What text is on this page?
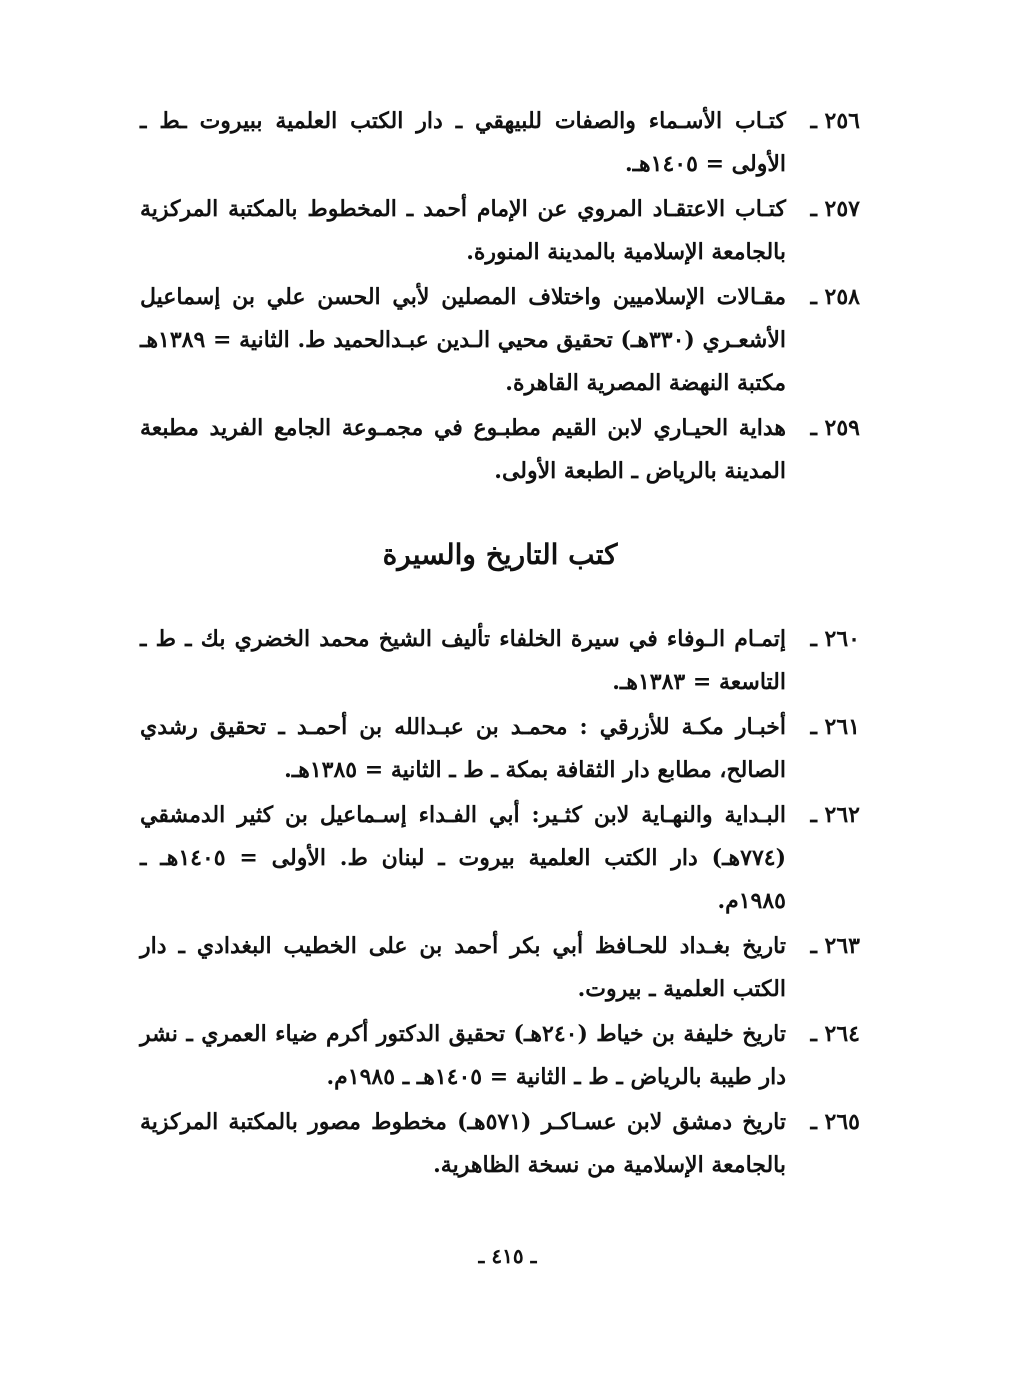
٢٥٦ ـ
كتـاب الأسـماء والصفات للبيهقي ـ دار الكتب العلمية ببيروت ـط ـ الأولى = ١٤٠٥هـ.
٢٥٧ ـ
كتـاب الاعتقـاد المروي عن الإمام أحمد ـ المخطوط بالمكتبة المركزية بالجامعة الإسلامية بالمدينة المنورة.
٢٥٨ ـ
مقـالات الإسلاميين واختلاف المصلين لأبي الحسن علي بن إسماعيل الأشعـري (٣٣٠هـ) تحقيق محيي الـدين عبـدالحميد ط. الثانية = ١٣٨٩هـ مكتبة النهضة المصرية القاهرة.
٢٥٩ ـ
هداية الحيـاري لابن القيم مطبـوع في مجمـوعة الجامع الفريد مطبعة المدينة بالرياض ـ الطبعة الأولى.
كتب التاريخ والسيرة
٢٦٠ ـ
إتمـام الـوفاء في سيرة الخلفاء تأليف الشيخ محمد الخضري بك ـ ط ـ التاسعة = ١٣٨٣هـ.
٢٦١ ـ
أخبـار مكـة للأزرقي : محمـد بن عبـدالله بن أحمـد ـ تحقيق رشدي الصالح، مطابع دار الثقافة بمكة ـ ط ـ الثانية = ١٣٨٥هـ.
٢٦٢ ـ
البـداية والنهـاية لابن كثـير: أبي الفـداء إسـماعيل بن كثير الدمشقي (٧٧٤هـ) دار الكتب العلمية بيروت ـ لبنان ط. الأولى = ١٤٠٥هـ ـ ١٩٨٥م.
٢٦٣ ـ
تاريخ بغـداد للحـافظ أبي بكر أحمد بن على الخطيب البغدادي ـ دار الكتب العلمية ـ بيروت.
٢٦٤ ـ
تاريخ خليفة بن خياط (٢٤٠هـ) تحقيق الدكتور أكرم ضياء العمري ـ نشر دار طيبة بالرياض ـ ط ـ الثانية = ١٤٠٥هـ ـ ١٩٨٥م.
٢٦٥ ـ
تاريخ دمشق لابن عسـاكـر (٥٧١هـ) مخطوط مصور بالمكتبة المركزية بالجامعة الإسلامية من نسخة الظاهرية.
ـ ٤١٥ ـ
